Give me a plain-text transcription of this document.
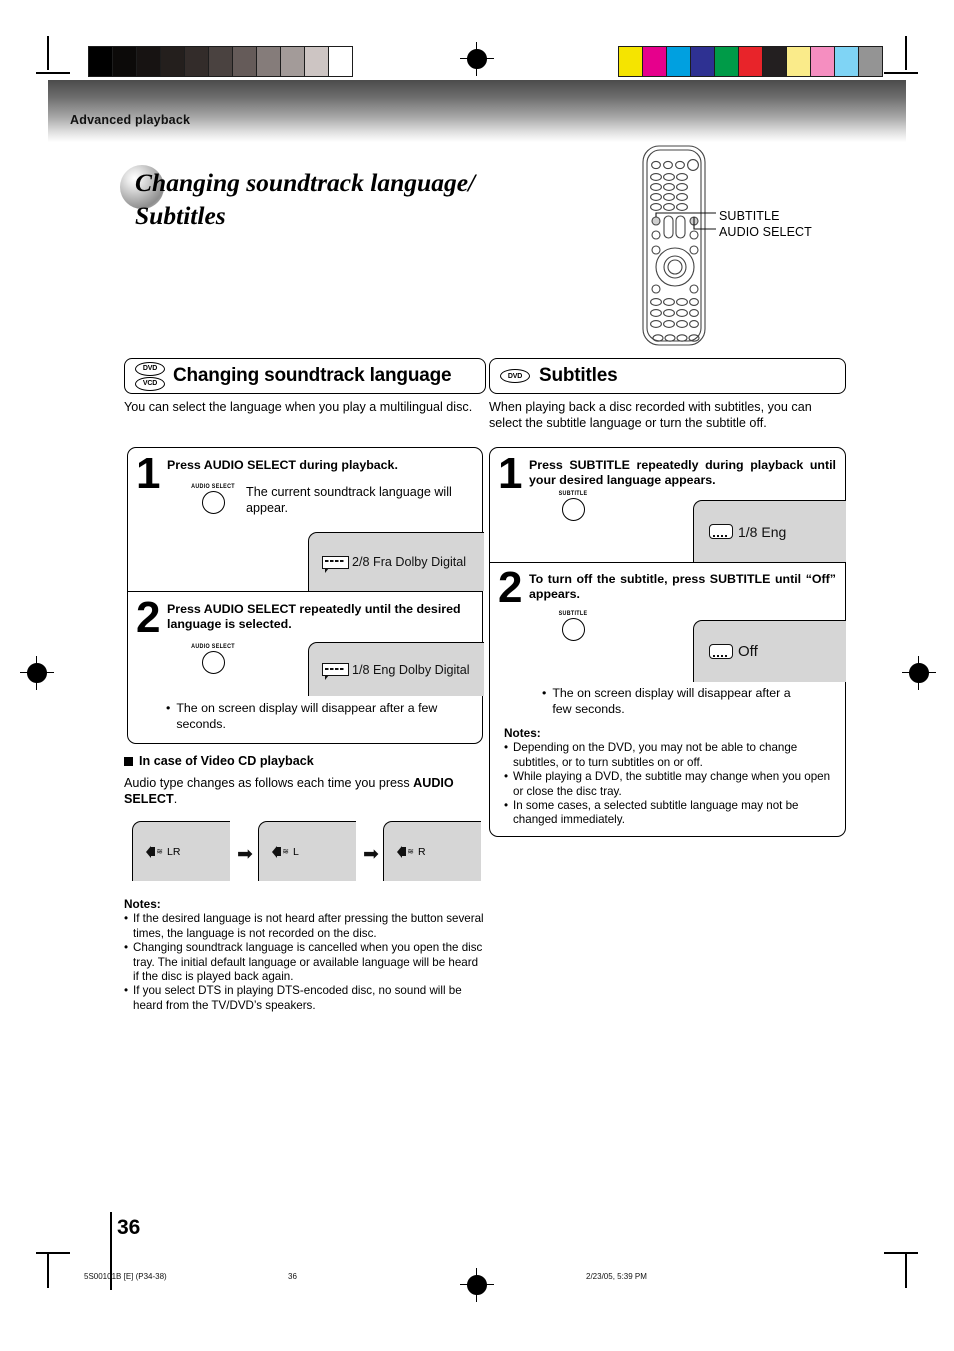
Advanced playback
Changing soundtrack language/
Subtitles	SUBTITLE
AUDIO SELECT
DVD
VCD Changing soundtrack language
You can select the language when you play a multilingual disc.
1 Press AUDIO SELECT during playback.
AUDIO SELECT The current soundtrack language will appear.
2/8 Fra Dolby Digital
2 Press AUDIO SELECT repeatedly until the desired language is selected.
AUDIO SELECT
1/8 Eng Dolby Digital
• The on screen display will disappear after a few seconds.
In case of Video CD playback
Audio type changes as follows each time you press AUDIO SELECT.
≋ LR	➡	≋ L	➡	≋ R
Notes:
• If the desired language is not heard after pressing the button several times, the language is not recorded on the disc.
• Changing soundtrack language is cancelled when you open the disc tray. The initial default language or available language will be heard if the disc is played back again.
• If you select DTS in playing DTS-encoded disc, no sound will be heard from the TV/DVD’s speakers.
DVD Subtitles
When playing back a disc recorded with subtitles, you can select the subtitle language or turn the subtitle off.
1 Press SUBTITLE repeatedly during playback until your desired language appears.
SUBTITLE
1/8 Eng
2 To turn off the subtitle, press SUBTITLE until “Off” appears.
SUBTITLE
Off
• The on screen display will disappear after a few seconds.
Notes:
• Depending on the DVD, you may not be able to change subtitles, or to turn subtitles on or off.
• While playing a DVD, the subtitle may change when you open or close the disc tray.
• In some cases, a selected subtitle language may not be changed immediately.
36
5S00101B [E] (P34-38)	36	2/23/05, 5:39 PM
